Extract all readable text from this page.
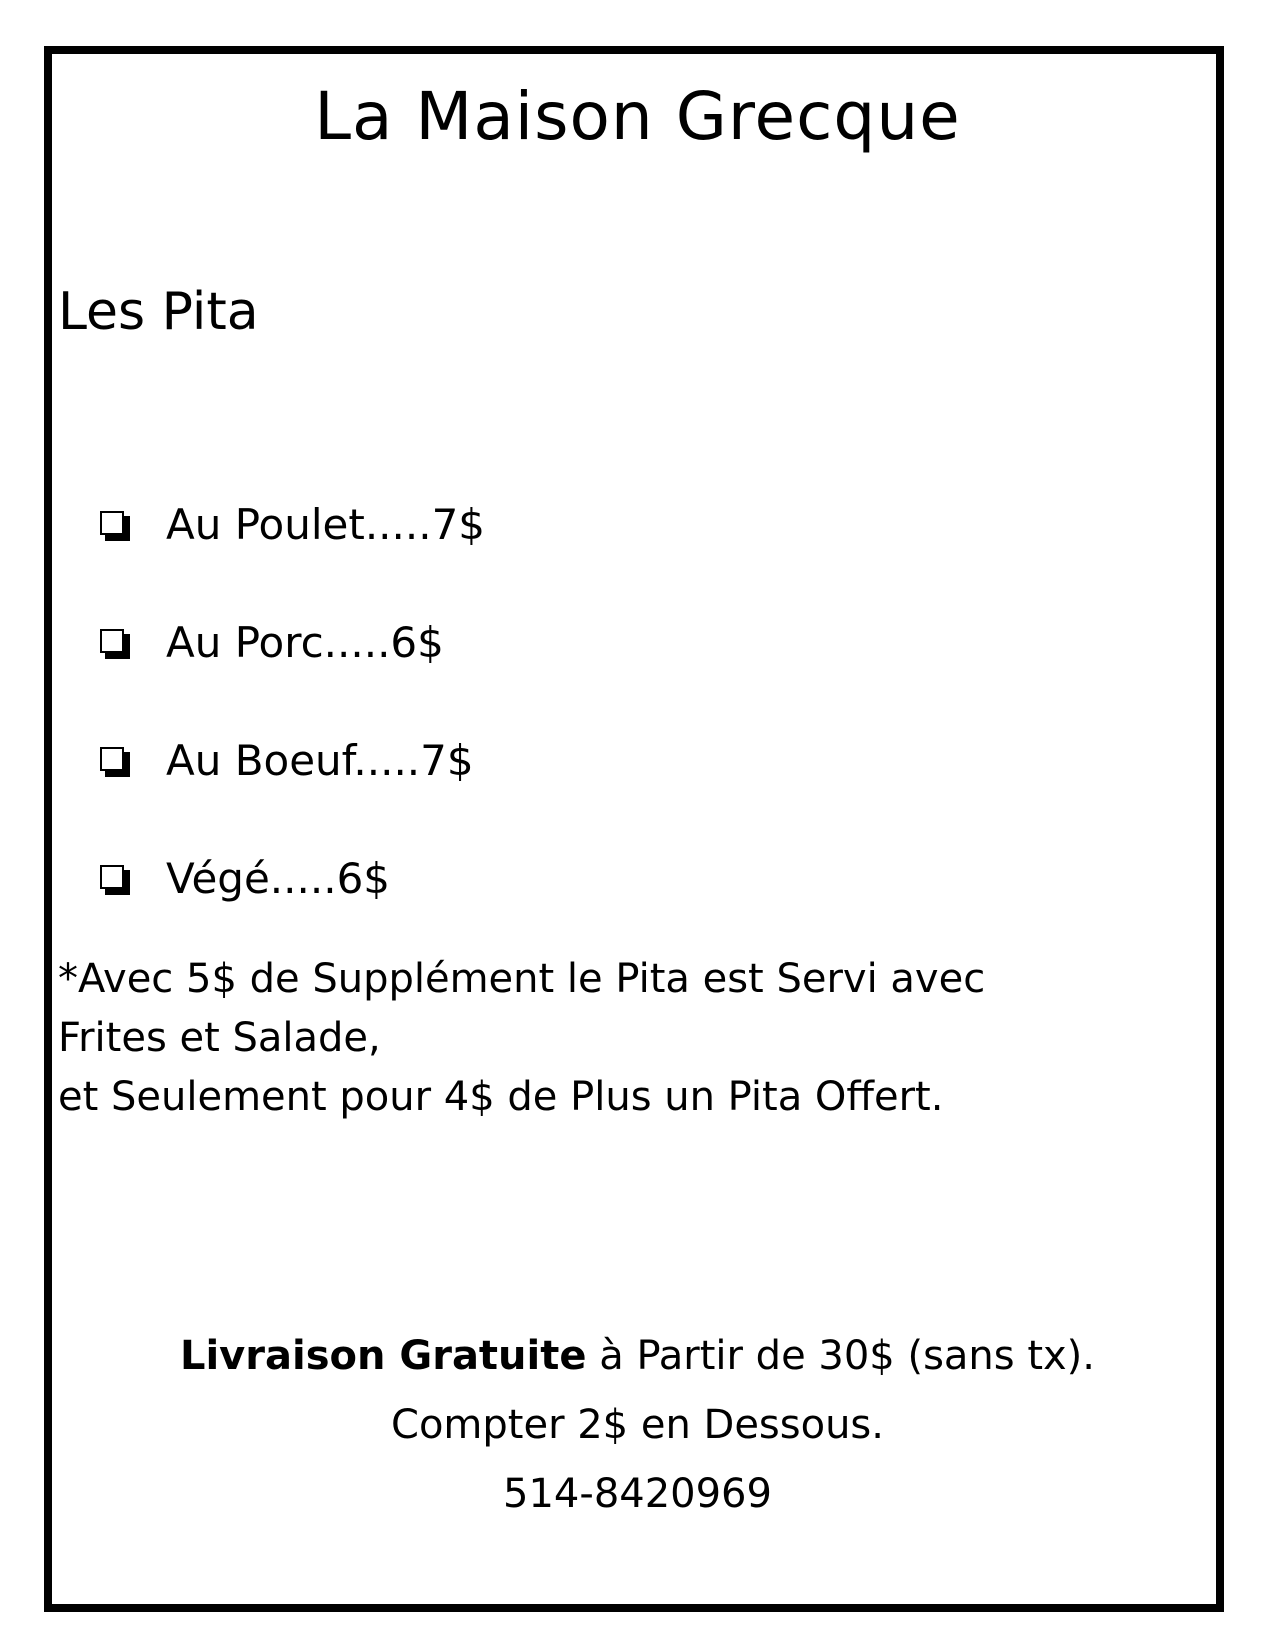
La Maison Grecque
Les Pita
Au Poulet.....7$
Au Porc.....6$
Au Boeuf.....7$
Végé.....6$

*Avec 5$ de Supplément le Pita est Servi avec
Frites et Salade,
et Seulement pour 4$ de Plus un Pita Offert.

Livraison Gratuite à Partir de 30$ (sans tx).
Compter 2$ en Dessous.
514-8420969
